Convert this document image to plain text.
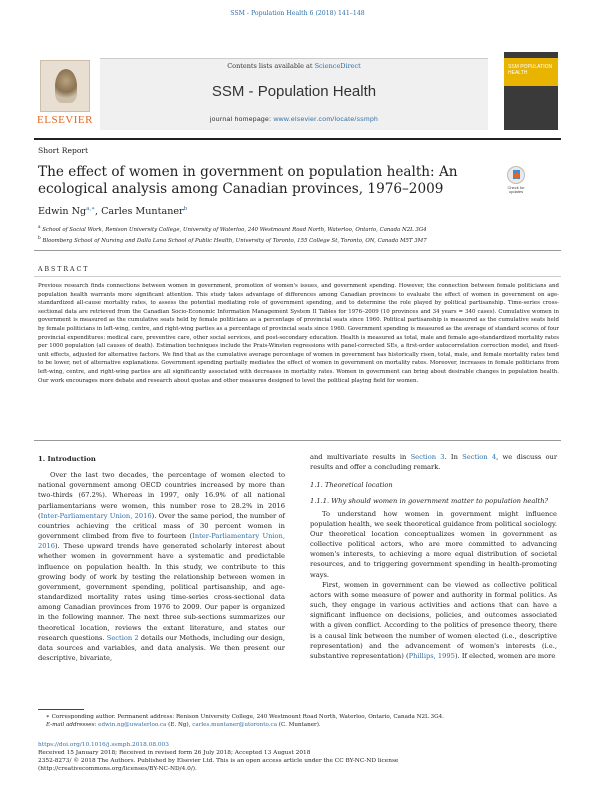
SSM - Population Health 6 (2018) 141–148
ELSEVIER
Contents lists available at ScienceDirect
SSM - Population Health
journal homepage: www.elsevier.com/locate/ssmph
SSM POPULATION HEALTH
Short Report
The effect of women in government on population health: An ecological analysis among Canadian provinces, 1976–2009	Check for updates
Edwin $Ng^{a,∗}$, Carles Muntaner$^b$
$^a$ School of Social Work, Renison University College, University of Waterloo, 240 Westmount Road North, Waterloo, Ontario, Canada N2L 3G4
$^b$ Bloomberg School of Nursing and Dalla Lana School of Public Health, University of Toronto, 155 College St, Toronto, ON, Canada M5T 3M7
ABSTRACT
Previous research finds connections between women in government, promotion of women's issues, and government spending. However, the connection between female politicians and population health warrants more significant attention. This study takes advantage of differences among Canadian provinces to evaluate the effect of women in government on age-standardized all-cause mortality rates, to assess the potential mediating role of government spending, and to determine the role played by political partisanship. Time-series cross-sectional data are retrieved from the Canadian Socio-Economic Information Management System II Tables for 1976–2009 (10 provinces and 34 years = 340 cases). Cumulative women in government is measured as the cumulative seats held by female politicians as a percentage of provincial seats since 1960. Political partisanship is measured as the cumulative seats held by female politicians in left-wing, centre, and right-wing parties as a percentage of provincial seats since 1960. Government spending is measured as the average of standard scores of four provincial expenditures: medical care, preventive care, other social services, and post-secondary education. Health is measured as total, male and female age-standardized mortality rates per 1000 population (all causes of death). Estimation techniques include the Prais-Winsten regressions with panel-corrected SEs, a first-order autocorrelation correction model, and fixed-unit effects, adjusted for alternative factors. We find that as the cumulative average percentage of women in government has historically risen, total, male, and female mortality rates tend to be lower, net of alternative explanations. Government spending partially mediates the effect of women in government on mortality rates. Moreover, increases in female politicians from left-wing, centre, and right-wing parties are all significantly associated with decreases in mortality rates. Women in government can bring about desirable changes in population health. Our work encourages more debate and research about quotas and other measures designed to level the political playing field for women.
1. Introduction
Over the last two decades, the percentage of women elected to national government among OECD countries increased by more than two-thirds (67.2%). Whereas in 1997, only 16.9% of all national parliamentarians were women, this number rose to 28.2% in 2016 (Inter-Parliamentary Union, 2016). Over the same period, the number of countries achieving the critical mass of 30 percent women in government climbed from five to fourteen (Inter-Parliamentary Union, 2016). These upward trends have generated scholarly interest about whether women in government have a systematic and predictable influence on population health. In this study, we contribute to this growing body of work by testing the relationship between women in government, government spending, political partisanship, and age-standardized mortality rates using time-series cross-sectional data among Canadian provinces from 1976 to 2009. Our paper is organized in the following manner. The next three sub-sections summarizes our theoretical location, reviews the extant literature, and states our research questions. Section 2 details our Methods, including our design, data sources and variables, and data analysis. We then present our descriptive, bivariate,
and multivariate results in Section 3. In Section 4, we discuss our results and offer a concluding remark.
1.1. Theoretical location
1.1.1. Why should women in government matter to population health?
To understand how women in government might influence population health, we seek theoretical guidance from political sociology. Our theoretical location conceptualizes women in government as collective political actors, who are more committed to advancing women's interests, to achieving a more equal distribution of societal resources, and to triggering government spending in health-promoting ways.
First, women in government can be viewed as collective political actors with some measure of power and authority in formal politics. As such, they engage in various activities and actions that can have a significant influence on decisions, policies, and outcomes associated with a given conflict. According to the politics of presence theory, there is a causal link between the number of women elected (i.e., descriptive representation) and the advancement of women's interests (i.e., substantive representation) (Phillips, 1995). If elected, women are more
∗ Corresponding author. Permanent address: Renison University College, 240 Westmount Road North, Waterloo, Ontario, Canada N2L 3G4.
E-mail addresses: edwin.ng@uwaterloo.ca (E. Ng), carles.muntaner@utoronto.ca (C. Muntaner).
https://doi.org/10.1016/j.ssmph.2018.08.003
Received 15 January 2018; Received in revised form 26 July 2018; Accepted 13 August 2018
2352-8273/ © 2018 The Authors. Published by Elsevier Ltd. This is an open access article under the CC BY-NC-ND license
(http://creativecommons.org/licenses/BY-NC-ND/4.0/).
